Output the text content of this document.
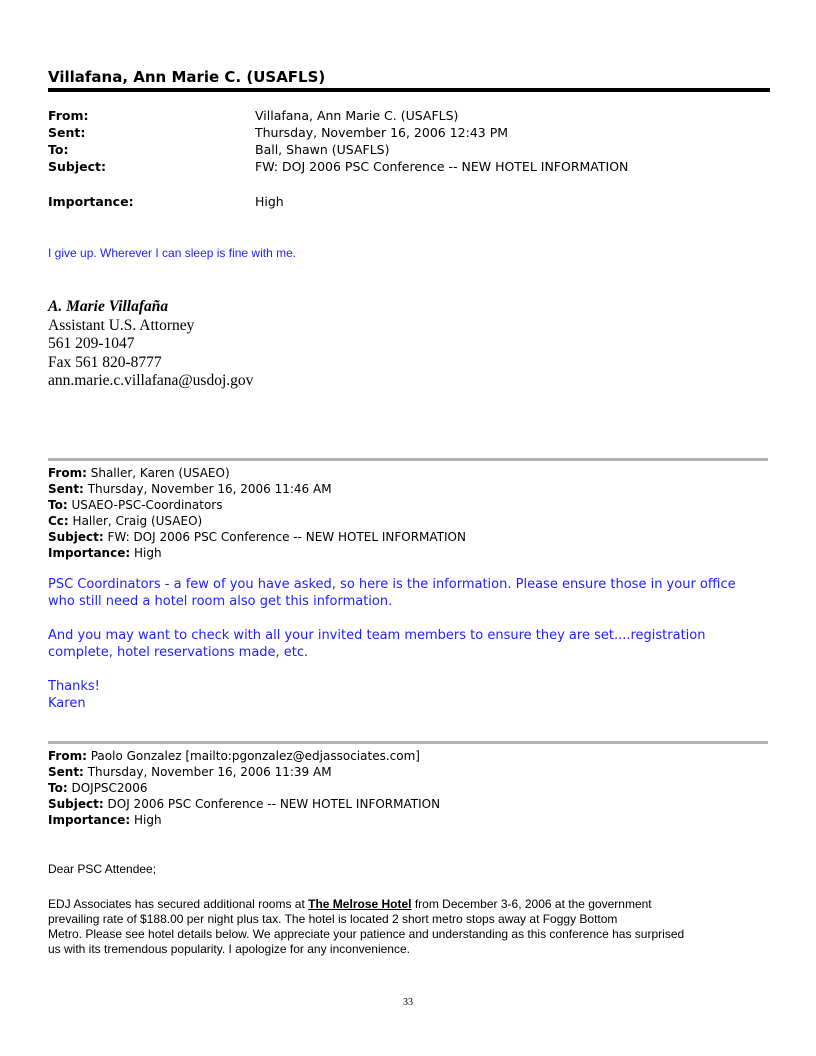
Villafana, Ann Marie C. (USAFLS)
From:	Villafana, Ann Marie C. (USAFLS)
Sent:	Thursday, November 16, 2006 12:43 PM
To:	Ball, Shawn (USAFLS)
Subject:	FW: DOJ 2006 PSC Conference -- NEW HOTEL INFORMATION
Importance:	High
I give up. Wherever I can sleep is fine with me.
A. Marie Villafaña
Assistant U.S. Attorney
561 209-1047
Fax 561 820-8777
ann.marie.c.villafana@usdoj.gov
From: Shaller, Karen (USAEO)
Sent: Thursday, November 16, 2006 11:46 AM
To: USAEO-PSC-Coordinators
Cc: Haller, Craig (USAEO)
Subject: FW: DOJ 2006 PSC Conference -- NEW HOTEL INFORMATION
Importance: High
PSC Coordinators - a few of you have asked, so here is the information. Please ensure those in your office
who still need a hotel room also get this information.
And you may want to check with all your invited team members to ensure they are set....registration
complete, hotel reservations made, etc.
Thanks!
Karen
From: Paolo Gonzalez [mailto:pgonzalez@edjassociates.com]
Sent: Thursday, November 16, 2006 11:39 AM
To: DOJPSC2006
Subject: DOJ 2006 PSC Conference -- NEW HOTEL INFORMATION
Importance: High
Dear PSC Attendee;
EDJ Associates has secured additional rooms at The Melrose Hotel from December 3-6, 2006 at the government
prevailing rate of $188.00 per night plus tax. The hotel is located 2 short metro stops away at Foggy Bottom
Metro. Please see hotel details below. We appreciate your patience and understanding as this conference has surprised
us with its tremendous popularity. I apologize for any inconvenience.
33
